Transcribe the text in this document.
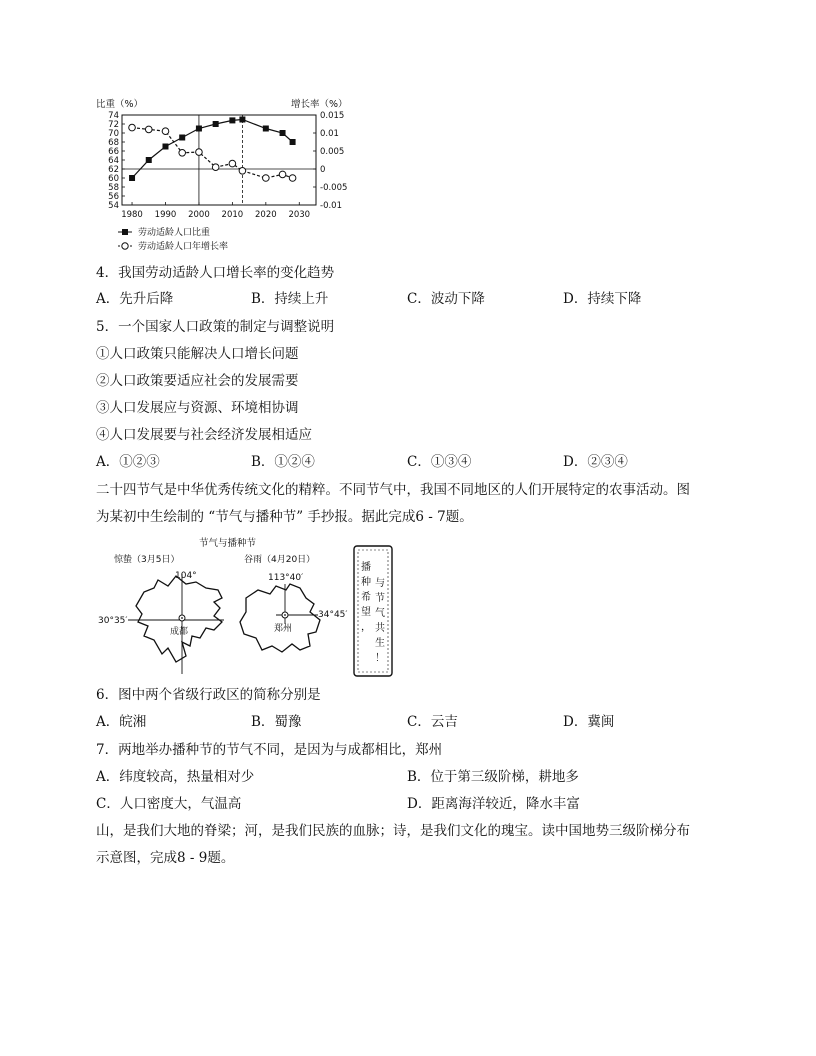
比重（%）	增长率（%）
74
72
70
68
66
64
62
60
58
56
54
0.015
0.01
0.005
0
-0.005
-0.01
1980 1990 2000 2010 2020 2030
劳动适龄人口比重
劳动适龄人口年增长率
4．我国劳动适龄人口增长率的变化趋势
A．先升后降	B．持续上升	C．波动下降	D．持续下降
5．一个国家人口政策的制定与调整说明
①人口政策只能解决人口增长问题
②人口政策要适应社会的发展需要
③人口发展应与资源、环境相协调
④人口发展要与社会经济发展相适应
A．①②③	B．①②④	C．①③④	D．②③④
二十四节气是中华优秀传统文化的精粹。不同节气中，我国不同地区的人们开展特定的农事活动。图
为某初中生绘制的 “节气与播种节” 手抄报。据此完成6 - 7题。
节气与播种节
惊蛰（3月5日）	谷雨（4月20日）
104°	113°40′
30°35′
34°45′
成都	郑州
播
种
希
望
，
与
节
气
共
生
！
6．图中两个省级行政区的简称分别是
A．皖湘	B．蜀豫	C．云吉	D．冀闽
7．两地举办播种节的节气不同，是因为与成都相比，郑州
A．纬度较高，热量相对少	B．位于第三级阶梯，耕地多
C．人口密度大，气温高	D．距离海洋较近，降水丰富
山，是我们大地的脊梁；河，是我们民族的血脉；诗，是我们文化的瑰宝。读中国地势三级阶梯分布
示意图，完成8 - 9题。
